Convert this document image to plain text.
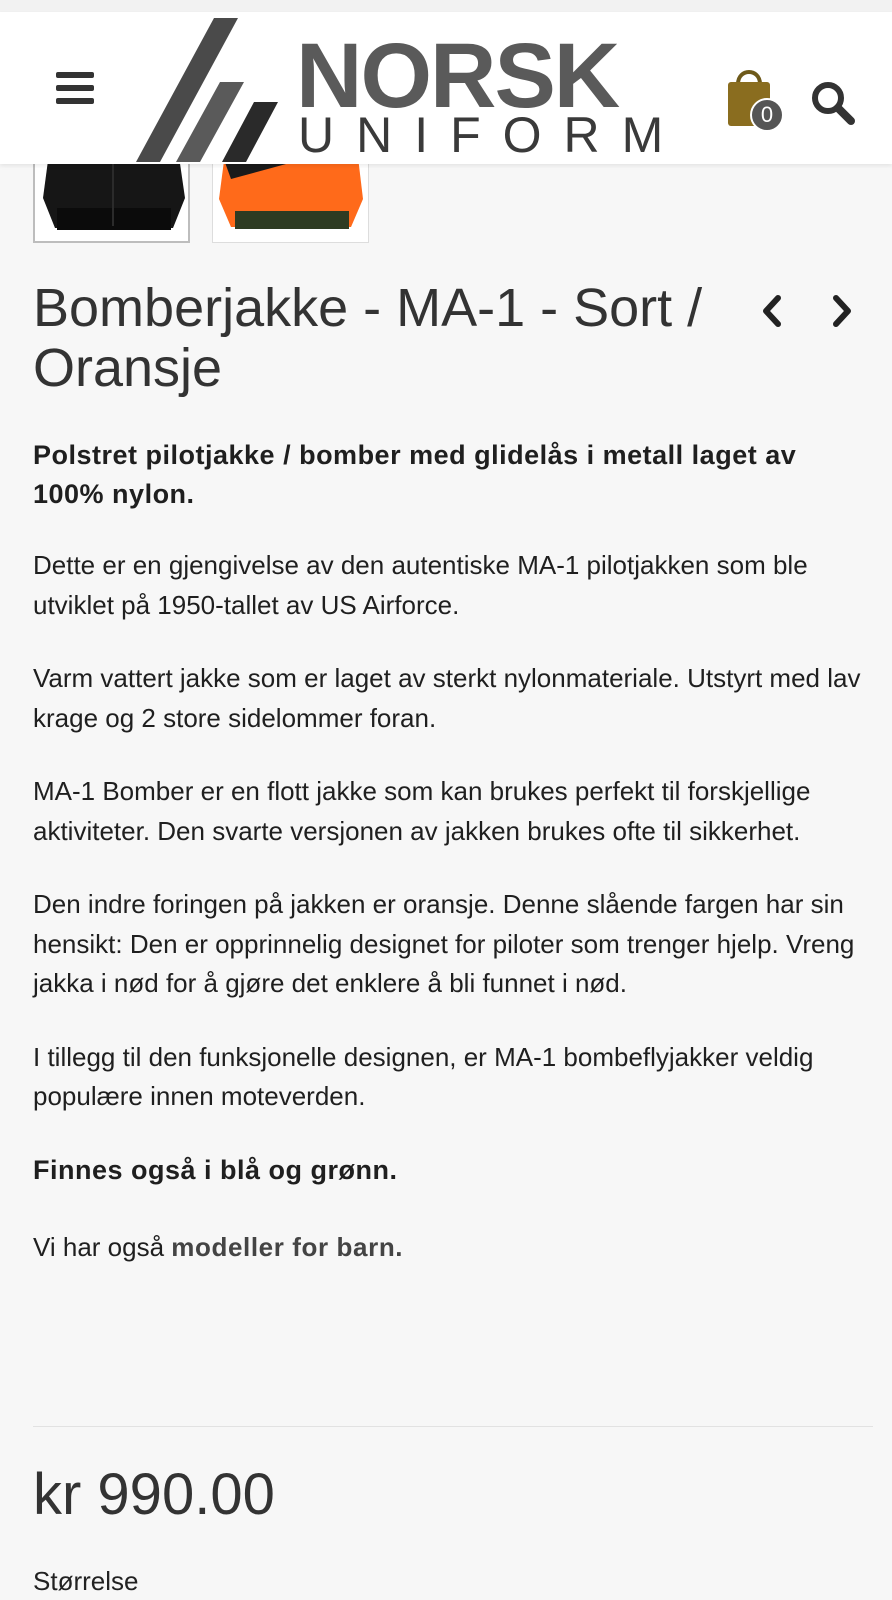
NORSK
UNIFORM	0
Bomberjakke - MA-1 - Sort / Oransje

Polstret pilotjakke / bomber med glidelås i metall laget av 100% nylon.

Dette er en gjengivelse av den autentiske MA-1 pilotjakken som ble utviklet på 1950-tallet av US Airforce.

Varm vattert jakke som er laget av sterkt nylonmateriale. Utstyrt med lav krage og 2 store sidelommer foran.

MA-1 Bomber er en flott jakke som kan brukes perfekt til forskjellige aktiviteter. Den svarte versjonen av jakken brukes ofte til sikkerhet.

Den indre foringen på jakken er oransje. Denne slående fargen har sin hensikt: Den er opprinnelig designet for piloter som trenger hjelp. Vreng jakka i nød for å gjøre det enklere å bli funnet i nød.

I tillegg til den funksjonelle designen, er MA-1 bombeflyjakker veldig populære innen moteverden.

Finnes også i blå og grønn.

Vi har også modeller for barn.

kr 990.00
Størrelse
